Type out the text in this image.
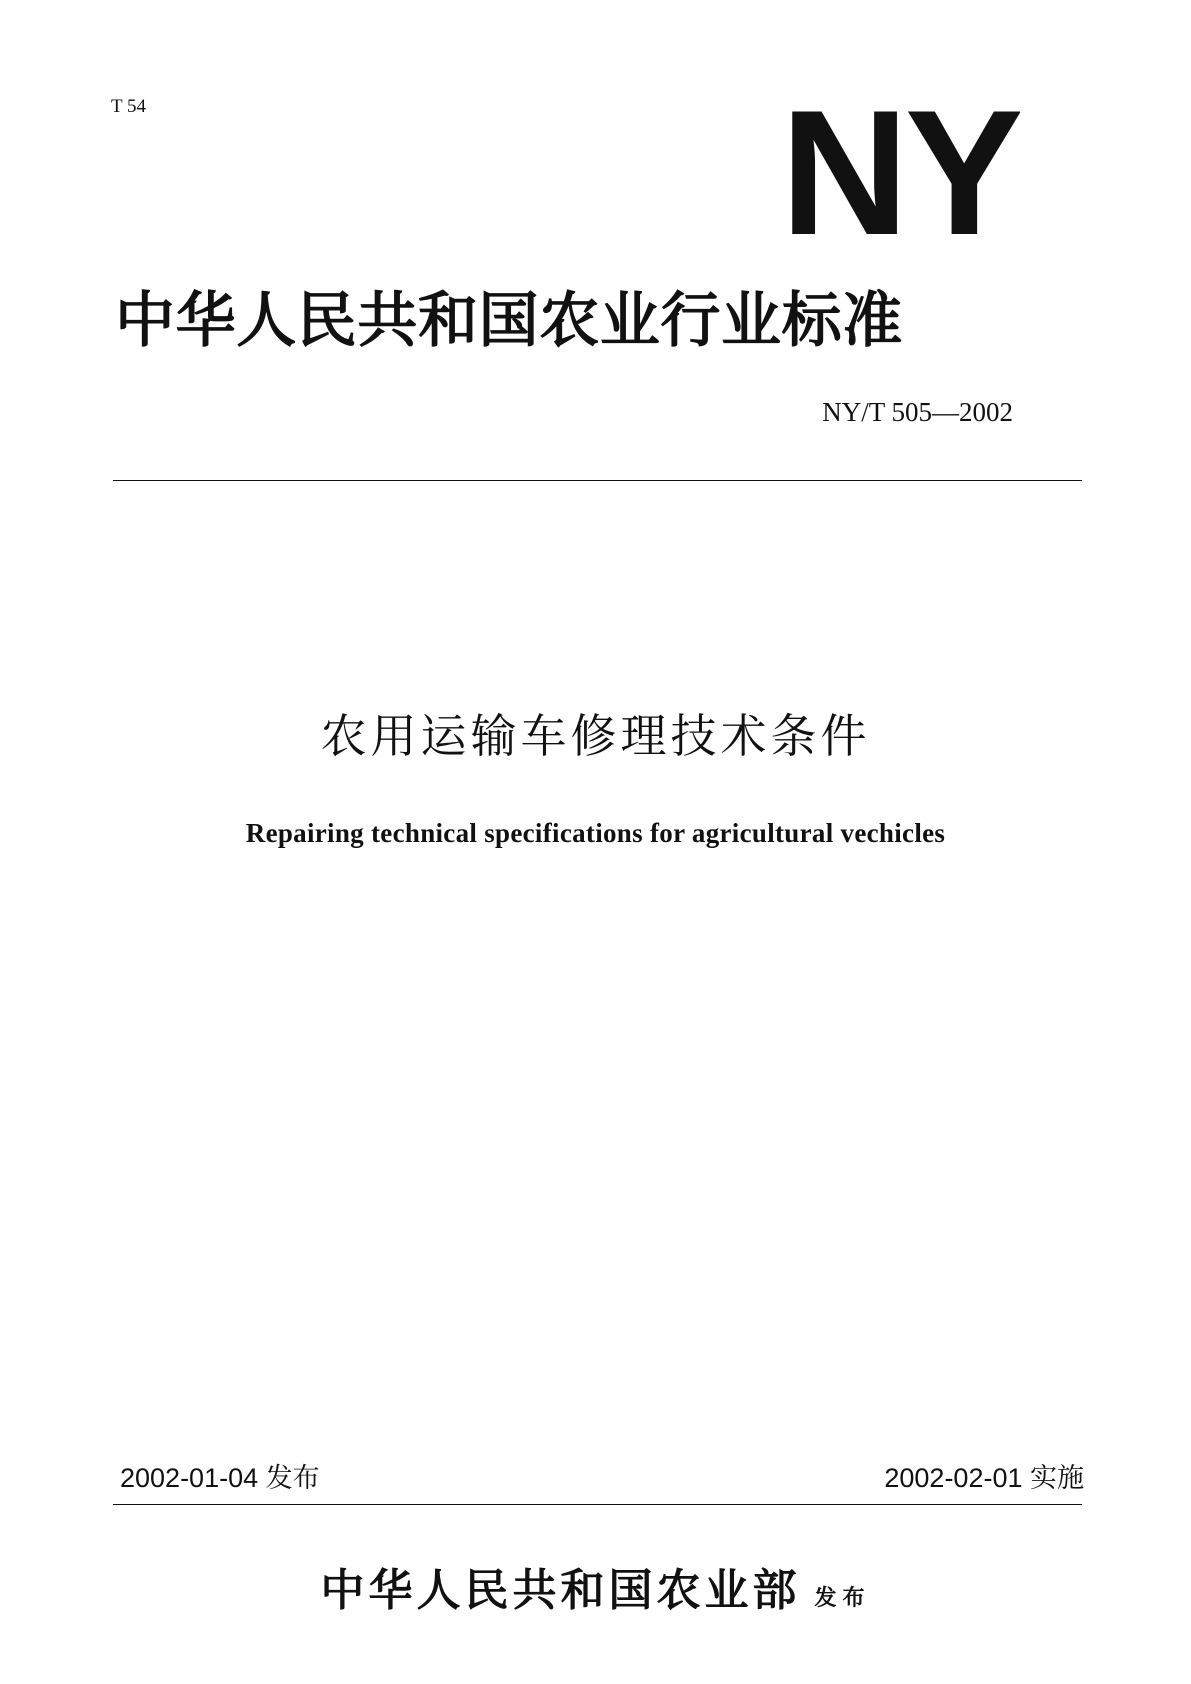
T 54	NY
中华人民共和国农业行业标准
NY/T 505—2002
农用运输车修理技术条件
Repairing technical specifications for agricultural vechicles
2002-01-04 发布	2002-02-01 实施
中华人民共和国农业部 发布
